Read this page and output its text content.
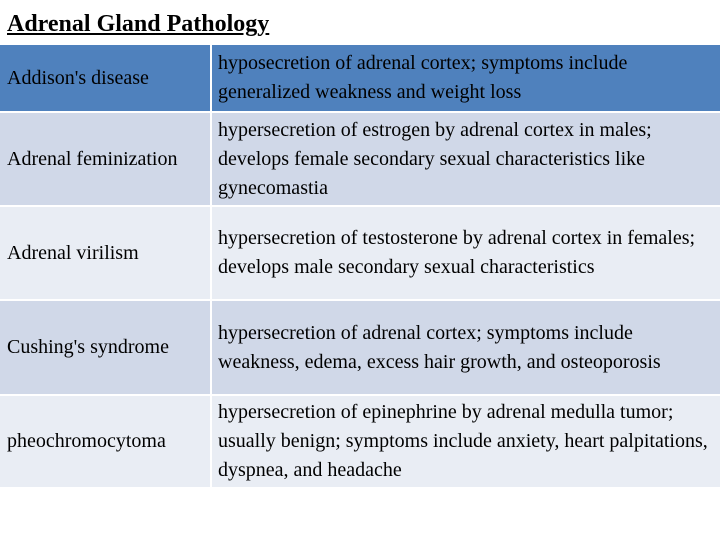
Adrenal Gland Pathology
Addison's disease
hyposecretion of adrenal cortex; symptoms include generalized weakness and weight loss
Adrenal feminization
hypersecretion of estrogen by adrenal cortex in males; develops female secondary sexual characteristics like gynecomastia
Adrenal virilism
hypersecretion of testosterone by adrenal cortex in females; develops male secondary sexual characteristics
Cushing's syndrome
hypersecretion of adrenal cortex; symptoms include weakness, edema, excess hair growth, and osteoporosis
pheochromocytoma
hypersecretion of epinephrine by adrenal medulla tumor; usually benign; symptoms include anxiety, heart palpitations, dyspnea, and headache
